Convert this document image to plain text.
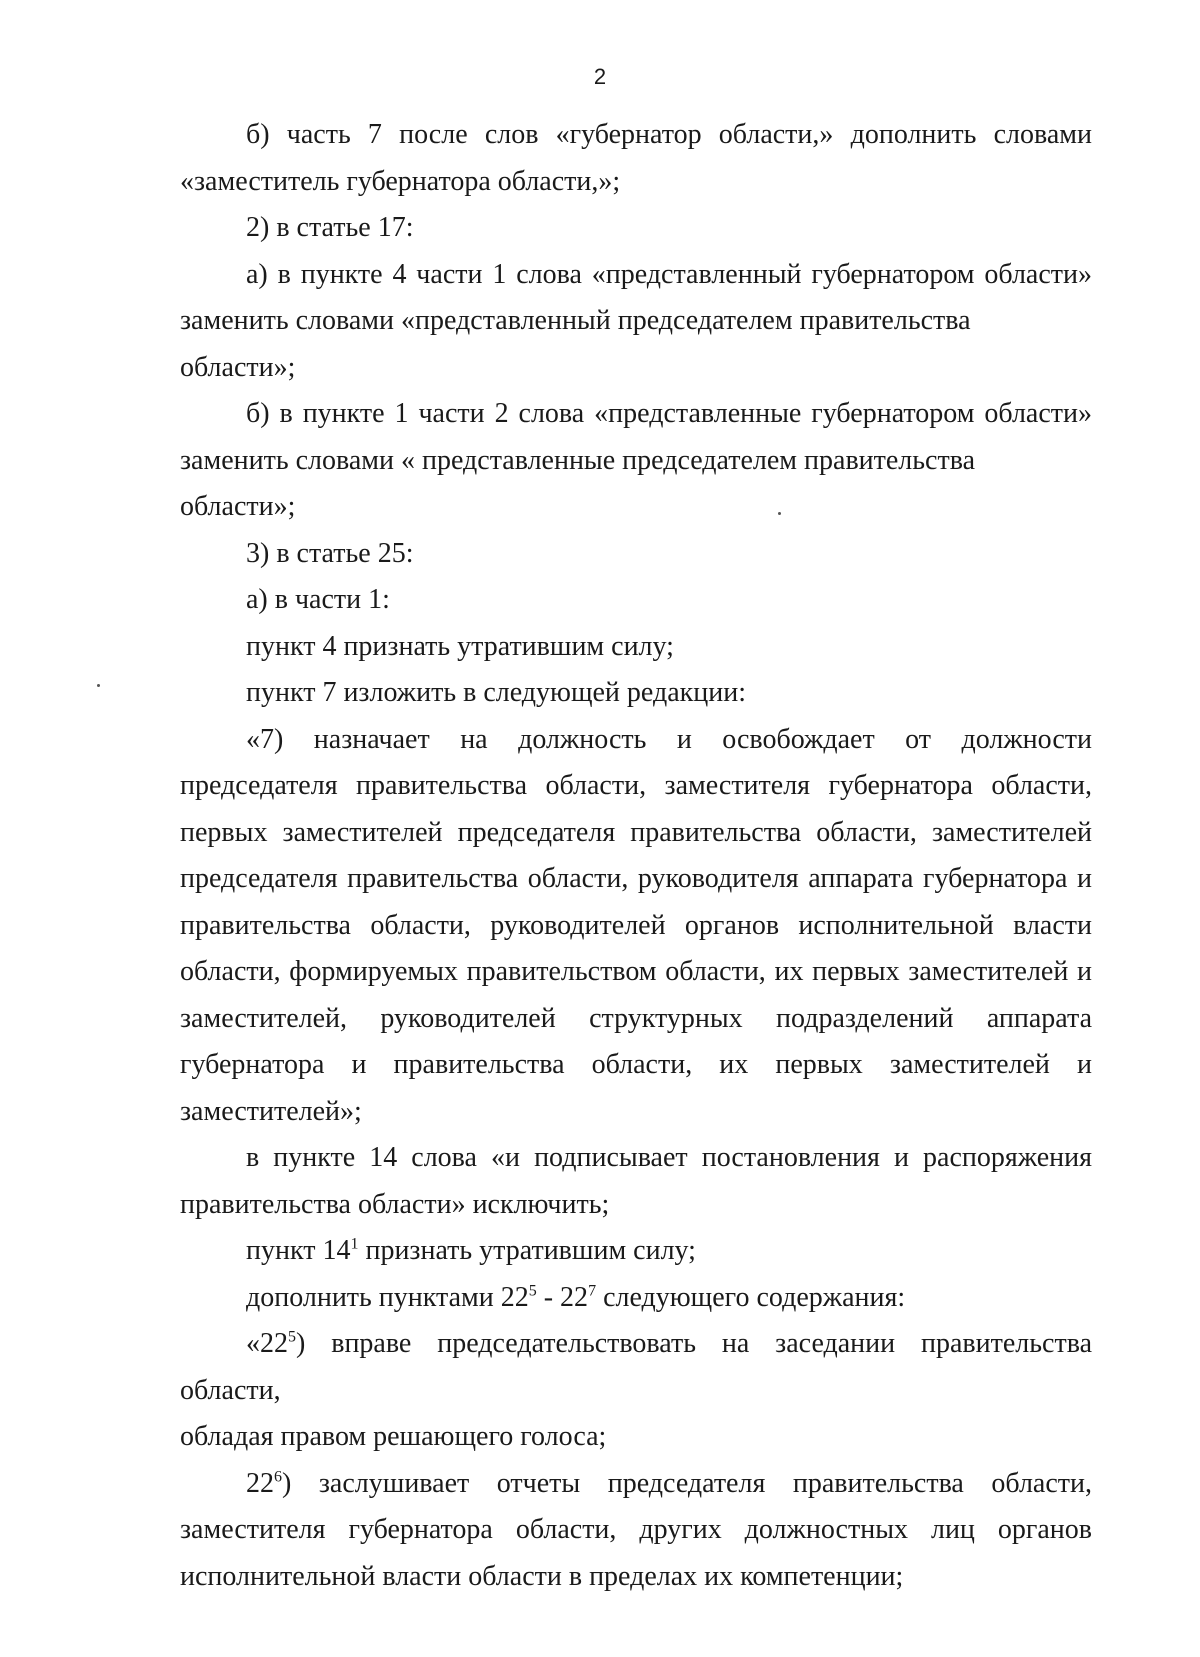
2

б) часть 7 после слов «губернатор области,» дополнить словами
«заместитель губернатора области,»;

2) в статье 17:

а) в пункте 4 части 1 слова «представленный губернатором области»
заменить словами «представленный председателем правительства области»;

б) в пункте 1 части 2 слова «представленные губернатором области»
заменить словами « представленные председателем правительства области»;

3) в статье 25:

а) в части 1:

пункт 4 признать утратившим силу;

пункт 7 изложить в следующей редакции:

«7) назначает на должность и освобождает от должности председателя правительства области, заместителя губернатора области, первых заместителей председателя правительства области, заместителей председателя правительства области, руководителя аппарата губернатора и правительства области, руководителей органов исполнительной власти области, формируемых правительством области, их первых заместителей и заместителей, руководителей структурных подразделений аппарата губернатора и правительства области, их первых заместителей и
заместителей»;

в пункте 14 слова «и подписывает постановления и распоряжения
правительства области» исключить;

пункт $14^1$ признать утратившим силу;

дополнить пунктами $22^5 - 22^7$ следующего содержания:

«$22^5$) вправе председательствовать на заседании правительства области,
обладая правом решающего голоса;

$22^6$) заслушивает отчеты председателя правительства области, заместителя губернатора области, других должностных лиц органов
исполнительной власти области в пределах их компетенции;
